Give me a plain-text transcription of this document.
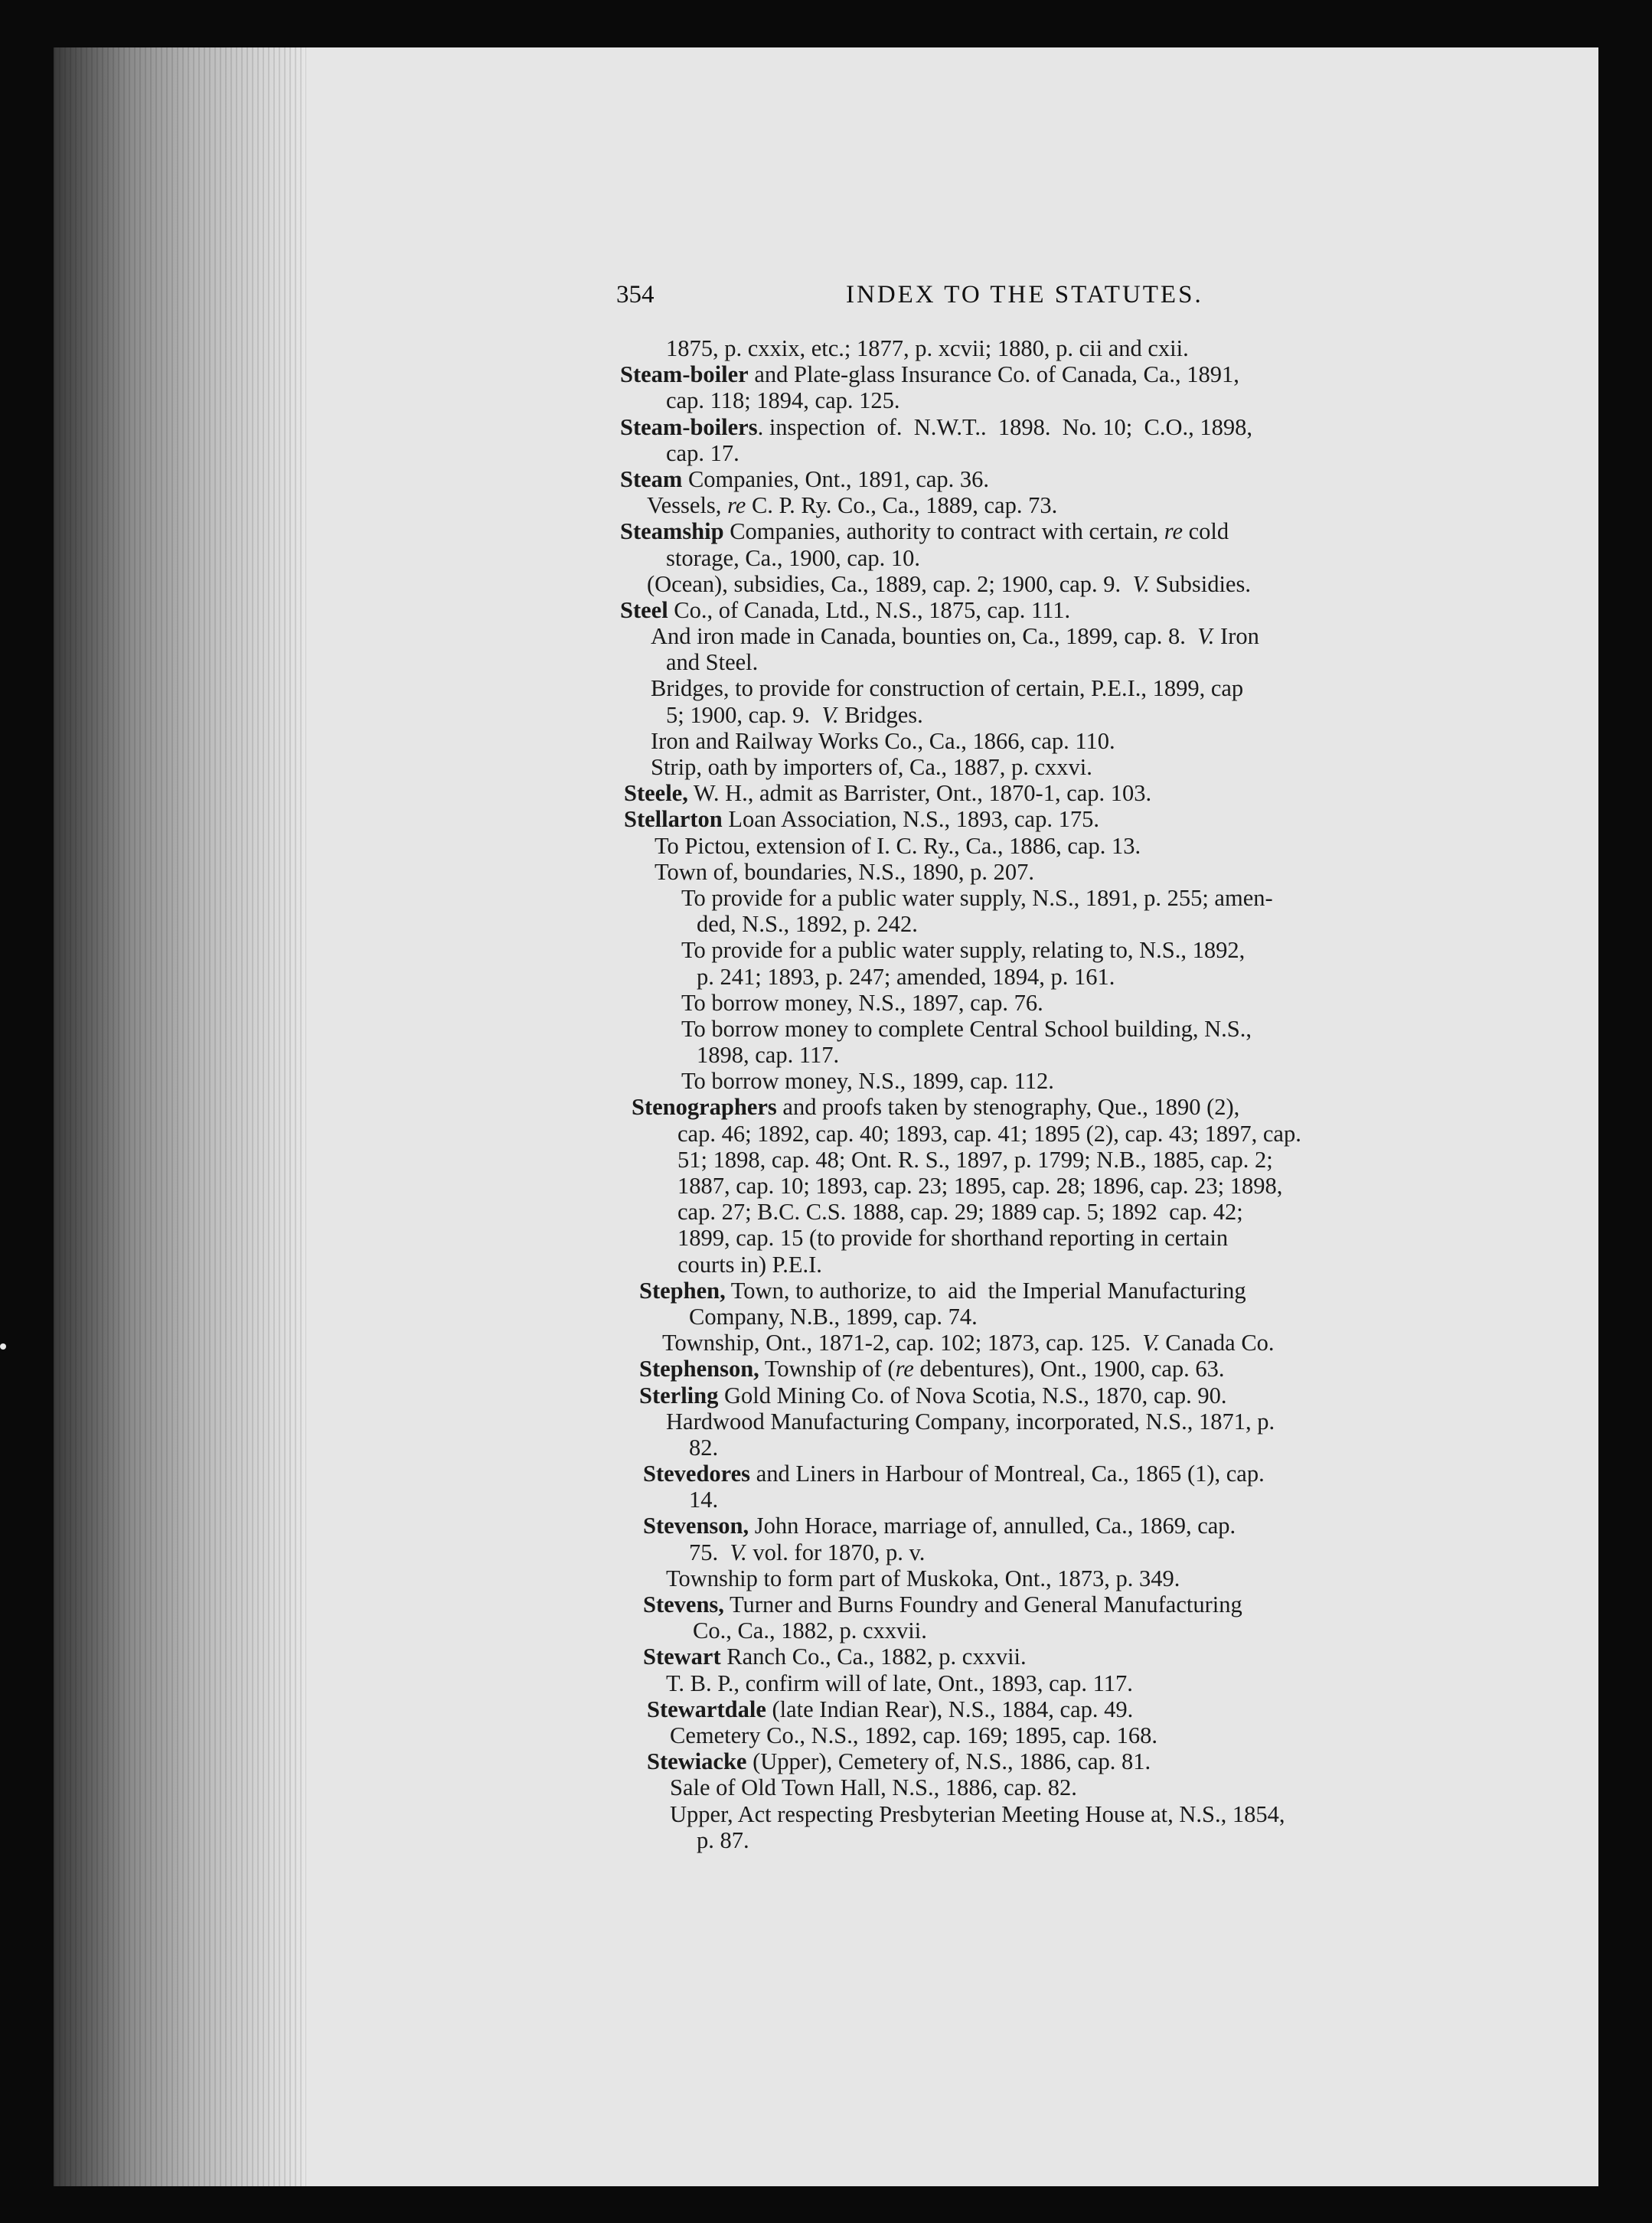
354	INDEX TO THE STATUTES.
1875, p. cxxix, etc.; 1877, p. xcvii; 1880, p. cii and cxii.
Steam-boiler and Plate-glass Insurance Co. of Canada, Ca., 1891,
cap. 118; 1894, cap. 125.
Steam-boilers. inspection  of.  N.W.T..  1898.  No. 10;  C.O., 1898,
cap. 17.
Steam Companies, Ont., 1891, cap. 36.
Vessels, re C. P. Ry. Co., Ca., 1889, cap. 73.
Steamship Companies, authority to contract with certain, re cold
storage, Ca., 1900, cap. 10.
(Ocean), subsidies, Ca., 1889, cap. 2; 1900, cap. 9.  V. Subsidies.
Steel Co., of Canada, Ltd., N.S., 1875, cap. 111.
And iron made in Canada, bounties on, Ca., 1899, cap. 8.  V. Iron
and Steel.
Bridges, to provide for construction of certain, P.E.I., 1899, cap
5; 1900, cap. 9.  V. Bridges.
Iron and Railway Works Co., Ca., 1866, cap. 110.
Strip, oath by importers of, Ca., 1887, p. cxxvi.
Steele, W. H., admit as Barrister, Ont., 1870-1, cap. 103.
Stellarton Loan Association, N.S., 1893, cap. 175.
To Pictou, extension of I. C. Ry., Ca., 1886, cap. 13.
Town of, boundaries, N.S., 1890, p. 207.
To provide for a public water supply, N.S., 1891, p. 255; amen-
ded, N.S., 1892, p. 242.
To provide for a public water supply, relating to, N.S., 1892,
p. 241; 1893, p. 247; amended, 1894, p. 161.
To borrow money, N.S., 1897, cap. 76.
To borrow money to complete Central School building, N.S.,
1898, cap. 117.
To borrow money, N.S., 1899, cap. 112.
Stenographers and proofs taken by stenography, Que., 1890 (2),
cap. 46; 1892, cap. 40; 1893, cap. 41; 1895 (2), cap. 43; 1897, cap.
51; 1898, cap. 48; Ont. R. S., 1897, p. 1799; N.B., 1885, cap. 2;
1887, cap. 10; 1893, cap. 23; 1895, cap. 28; 1896, cap. 23; 1898,
cap. 27; B.C. C.S. 1888, cap. 29; 1889 cap. 5; 1892  cap. 42;
1899, cap. 15 (to provide for shorthand reporting in certain
courts in) P.E.I.
Stephen, Town, to authorize, to  aid  the Imperial Manufacturing
Company, N.B., 1899, cap. 74.
Township, Ont., 1871-2, cap. 102; 1873, cap. 125.  V. Canada Co.
Stephenson, Township of (re debentures), Ont., 1900, cap. 63.
Sterling Gold Mining Co. of Nova Scotia, N.S., 1870, cap. 90.
Hardwood Manufacturing Company, incorporated, N.S., 1871, p.
82.
Stevedores and Liners in Harbour of Montreal, Ca., 1865 (1), cap.
14.
Stevenson, John Horace, marriage of, annulled, Ca., 1869, cap.
75.  V. vol. for 1870, p. v.
Township to form part of Muskoka, Ont., 1873, p. 349.
Stevens, Turner and Burns Foundry and General Manufacturing
Co., Ca., 1882, p. cxxvii.
Stewart Ranch Co., Ca., 1882, p. cxxvii.
T. B. P., confirm will of late, Ont., 1893, cap. 117.
Stewartdale (late Indian Rear), N.S., 1884, cap. 49.
Cemetery Co., N.S., 1892, cap. 169; 1895, cap. 168.
Stewiacke (Upper), Cemetery of, N.S., 1886, cap. 81.
Sale of Old Town Hall, N.S., 1886, cap. 82.
Upper, Act respecting Presbyterian Meeting House at, N.S., 1854,
p. 87.
